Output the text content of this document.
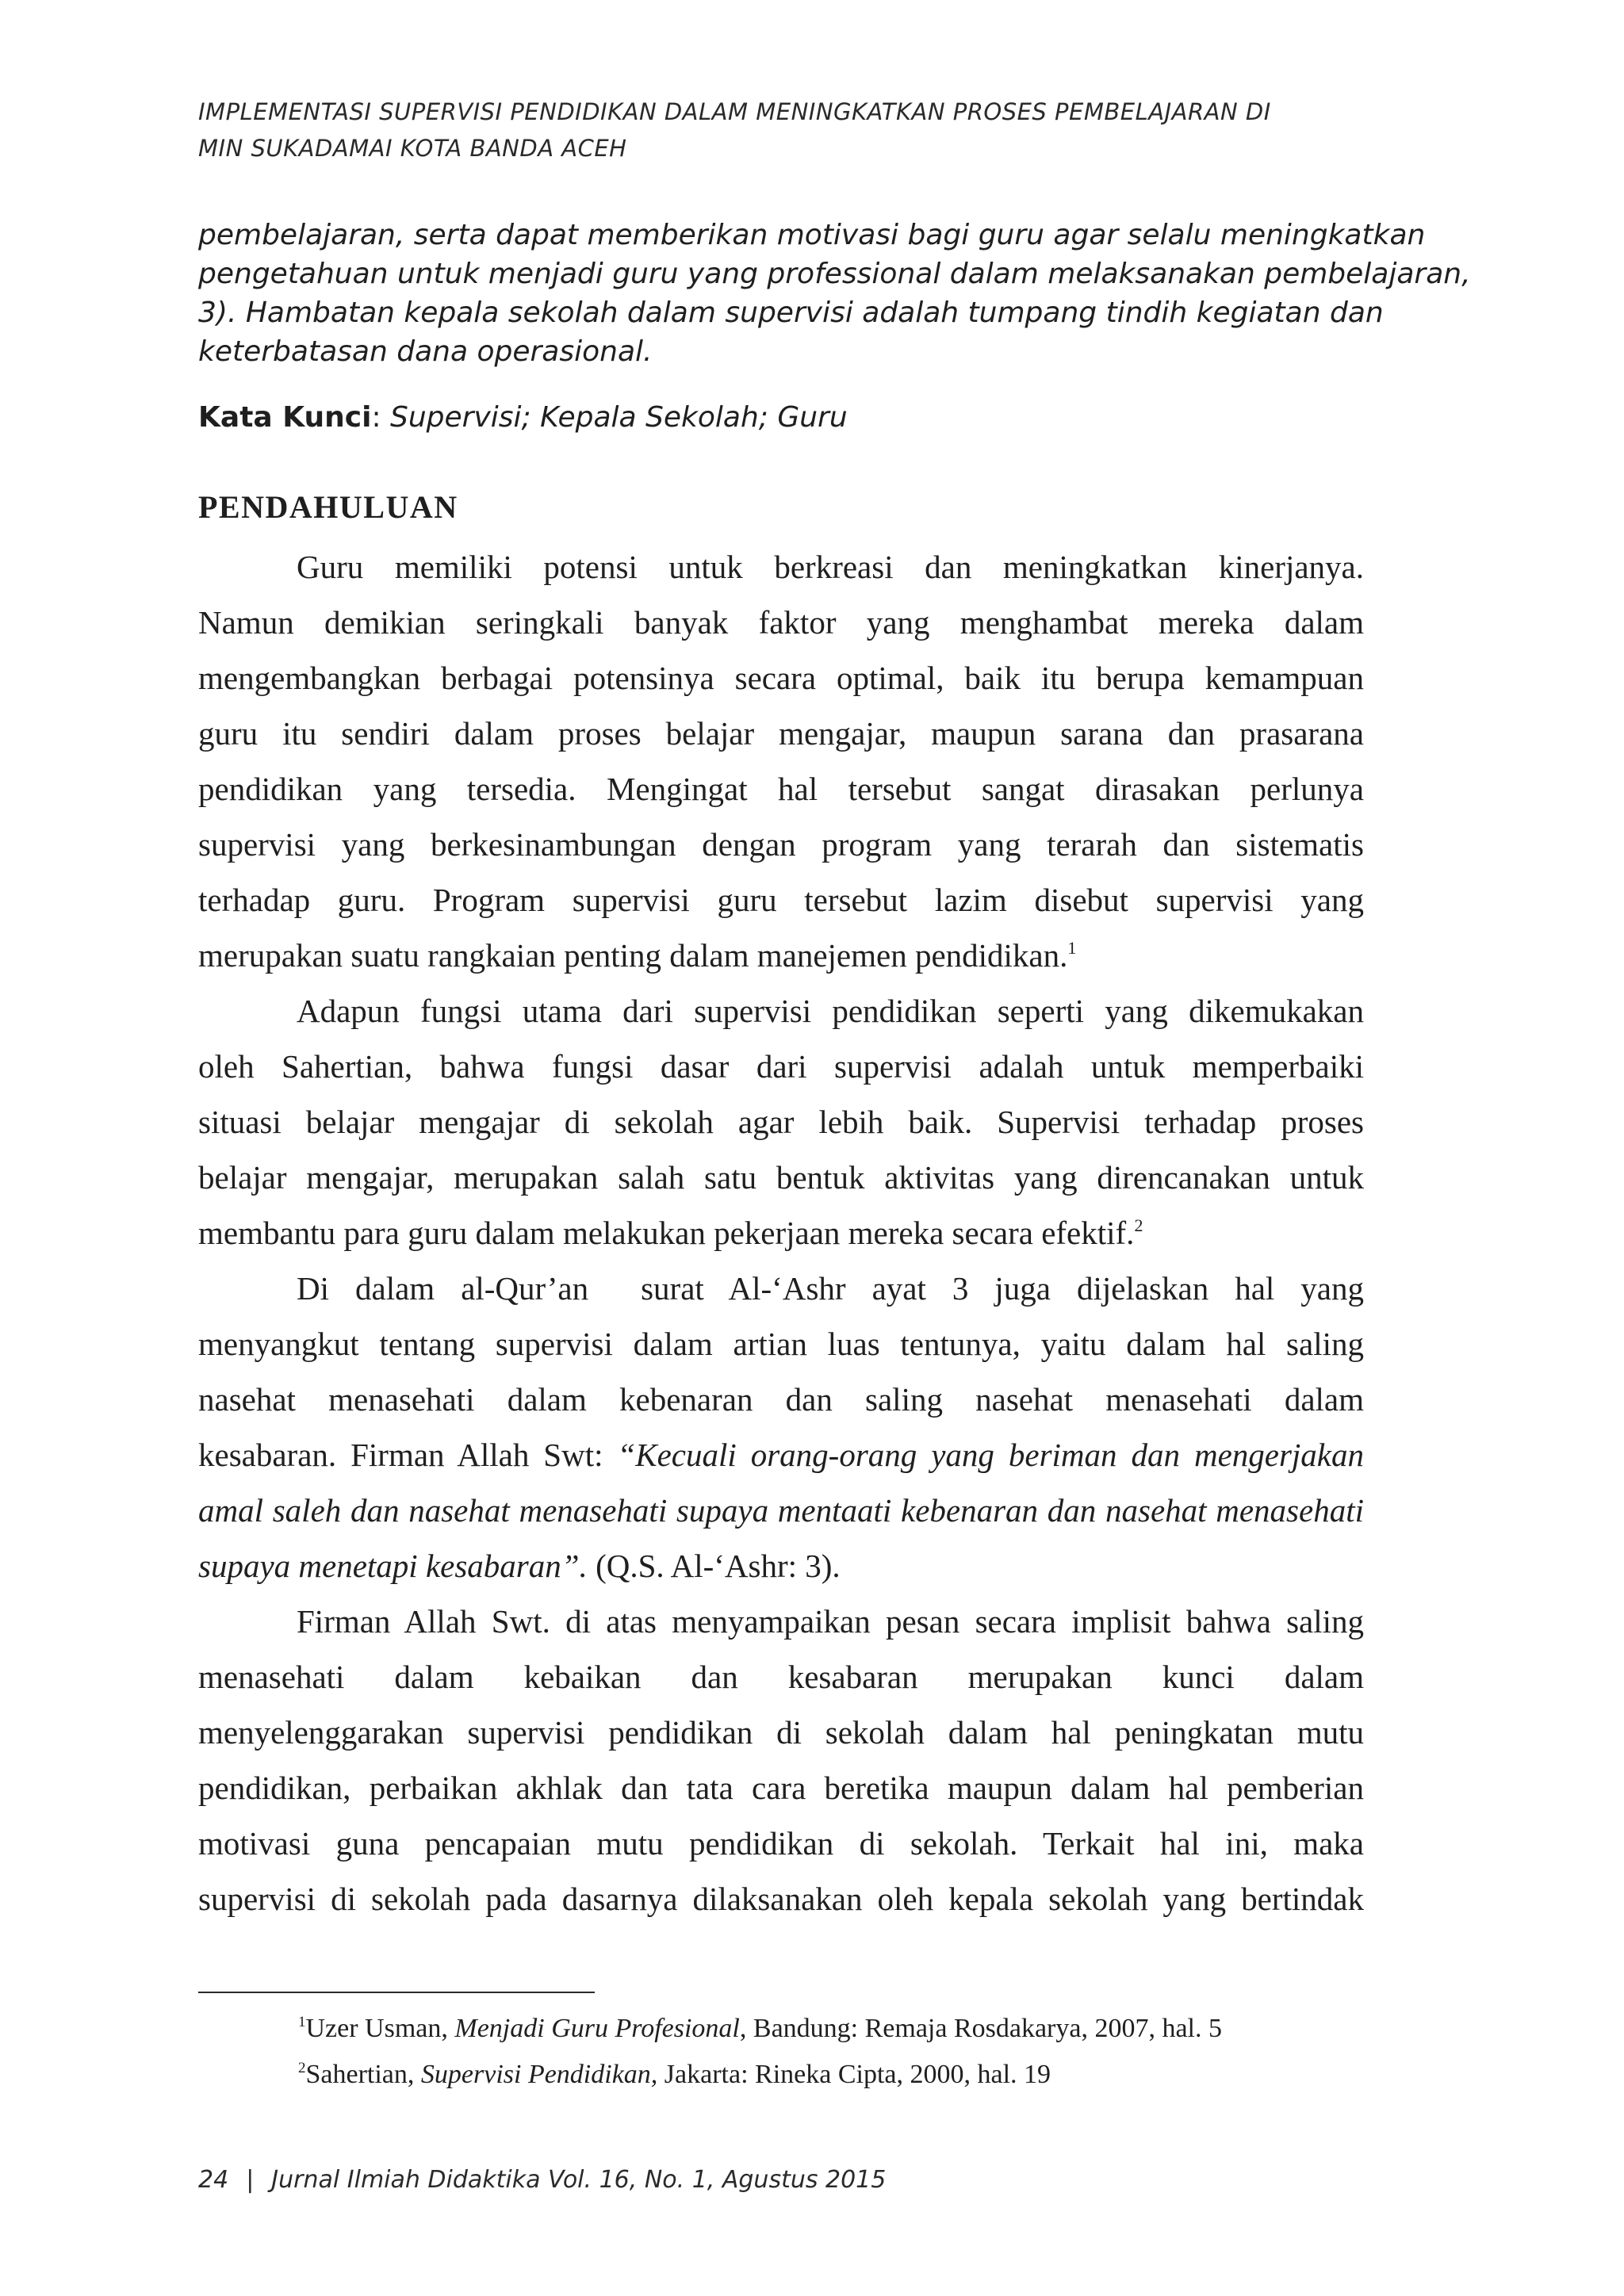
IMPLEMENTASI SUPERVISI PENDIDIKAN DALAM MENINGKATKAN PROSES PEMBELAJARAN DI
MIN SUKADAMAI KOTA BANDA ACEH
pembelajaran, serta dapat memberikan motivasi bagi guru agar selalu meningkatkan
pengetahuan untuk menjadi guru yang professional dalam melaksanakan pembelajaran,
3). Hambatan kepala sekolah dalam supervisi adalah tumpang tindih kegiatan dan
keterbatasan dana operasional.
Kata Kunci: Supervisi; Kepala Sekolah; Guru
PENDAHULUAN
Guru memiliki potensi untuk berkreasi dan meningkatkan kinerjanya.
Namun demikian seringkali banyak faktor yang menghambat mereka dalam
mengembangkan berbagai potensinya secara optimal, baik itu berupa kemampuan
guru itu sendiri dalam proses belajar mengajar, maupun sarana dan prasarana
pendidikan yang tersedia. Mengingat hal tersebut sangat dirasakan perlunya
supervisi yang berkesinambungan dengan program yang terarah dan sistematis
terhadap guru. Program supervisi guru tersebut lazim disebut supervisi yang
merupakan suatu rangkaian penting dalam manejemen pendidikan.$^1$
Adapun fungsi utama dari supervisi pendidikan seperti yang dikemukakan
oleh Sahertian, bahwa fungsi dasar dari supervisi adalah untuk memperbaiki
situasi belajar mengajar di sekolah agar lebih baik. Supervisi terhadap proses
belajar mengajar, merupakan salah satu bentuk aktivitas yang direncanakan untuk
membantu para guru dalam melakukan pekerjaan mereka secara efektif.$^2$
Di dalam al-Qur’an  surat Al-‘Ashr ayat 3 juga dijelaskan hal yang
menyangkut tentang supervisi dalam artian luas tentunya, yaitu dalam hal saling
nasehat menasehati dalam kebenaran dan saling nasehat menasehati dalam
kesabaran. Firman Allah Swt: “Kecuali orang-orang yang beriman dan mengerjakan
amal saleh dan nasehat menasehati supaya mentaati kebenaran dan nasehat menasehati
supaya menetapi kesabaran”. (Q.S. Al-‘Ashr: 3).
Firman Allah Swt. di atas menyampaikan pesan secara implisit bahwa saling
menasehati dalam kebaikan dan kesabaran merupakan kunci dalam
menyelenggarakan supervisi pendidikan di sekolah dalam hal peningkatan mutu
pendidikan, perbaikan akhlak dan tata cara beretika maupun dalam hal pemberian
motivasi guna pencapaian mutu pendidikan di sekolah. Terkait hal ini, maka
supervisi di sekolah pada dasarnya dilaksanakan oleh kepala sekolah yang bertindak
$^1$Uzer Usman, Menjadi Guru Profesional, Bandung: Remaja Rosdakarya, 2007, hal. 5
$^2$Sahertian, Supervisi Pendidikan, Jakarta: Rineka Cipta, 2000, hal. 19
24 | Jurnal Ilmiah Didaktika Vol. 16, No. 1, Agustus 2015
